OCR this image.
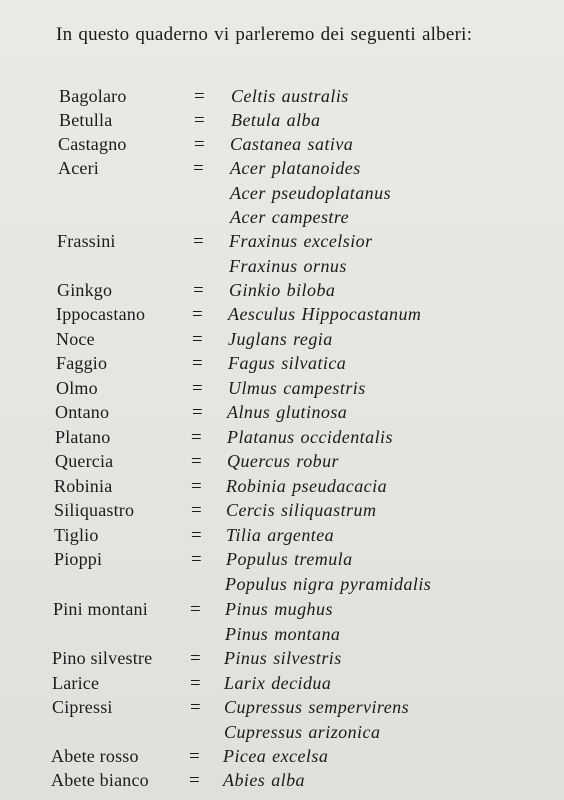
In questo quaderno vi parleremo dei seguenti alberi:
Bagolaro	= Celtis australis
Betulla	= Betula alba
Castagno	= Castanea sativa
Aceri	= Acer platanoides
Acer pseudoplatanus
Acer campestre
Frassini	= Fraxinus excelsior
Fraxinus ornus
Ginkgo	= Ginkio biloba
Ippocastano = Aesculus Hippocastanum
Noce	= Juglans regia
Faggio	= Fagus silvatica
Olmo	= Ulmus campestris
Ontano	= Alnus glutinosa
Platano	= Platanus occidentalis
Quercia	= Quercus robur
Robinia	= Robinia pseudacacia
Siliquastro	= Cercis siliquastrum
Tiglio	= Tilia argentea
Pioppi	= Populus tremula
Populus nigra pyramidalis
Pini montani = Pinus mughus
Pinus montana
Pino silvestre = Pinus silvestris
Larice	= Larix decidua
Cipressi	= Cupressus sempervirens
Cupressus arizonica
Abete rosso	= Picea excelsa
Abete bianco = Abies alba
